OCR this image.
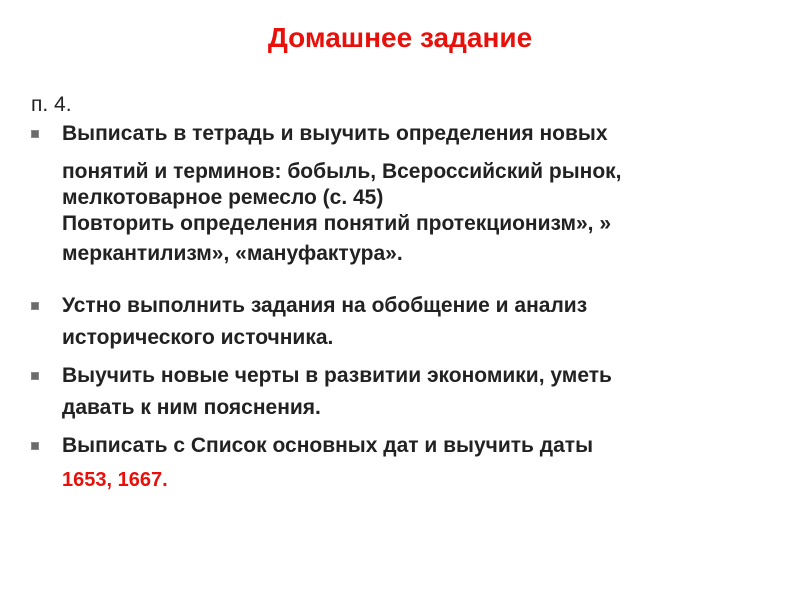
Домашнее задание
п. 4.
Выписать в тетрадь и выучить определения новых
понятий и терминов: бобыль, Всероссийский рынок,
мелкотоварное ремесло (с. 45)
Повторить определения понятий протекционизм», »
меркантилизм», «мануфактура».
Устно выполнить задания на обобщение и анализ
исторического источника.
Выучить новые черты в развитии экономики, уметь
давать к ним пояснения.
Выписать с Список основных дат и выучить даты
1653, 1667.
